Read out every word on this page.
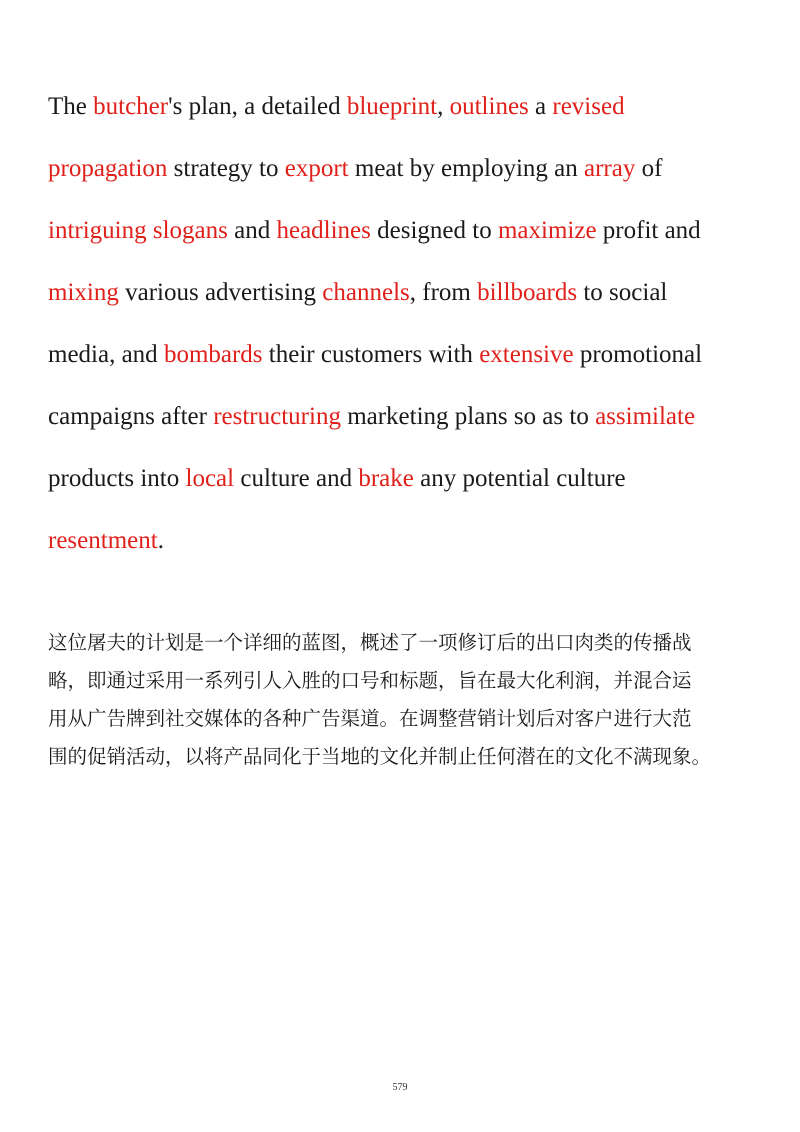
The butcher's plan, a detailed blueprint, outlines a revised
propagation strategy to export meat by employing an array of
intriguing slogans and headlines designed to maximize profit and
mixing various advertising channels, from billboards to social
media, and bombards their customers with extensive promotional
campaigns after restructuring marketing plans so as to assimilate
products into local culture and brake any potential culture
resentment.

这位屠夫的计划是一个详细的蓝图，概述了一项修订后的出口肉类的传播战
略，即通过采用一系列引人入胜的口号和标题，旨在最大化利润，并混合运
用从广告牌到社交媒体的各种广告渠道。在调整营销计划后对客户进行大范
围的促销活动，以将产品同化于当地的文化并制止任何潜在的文化不满现象。

579
